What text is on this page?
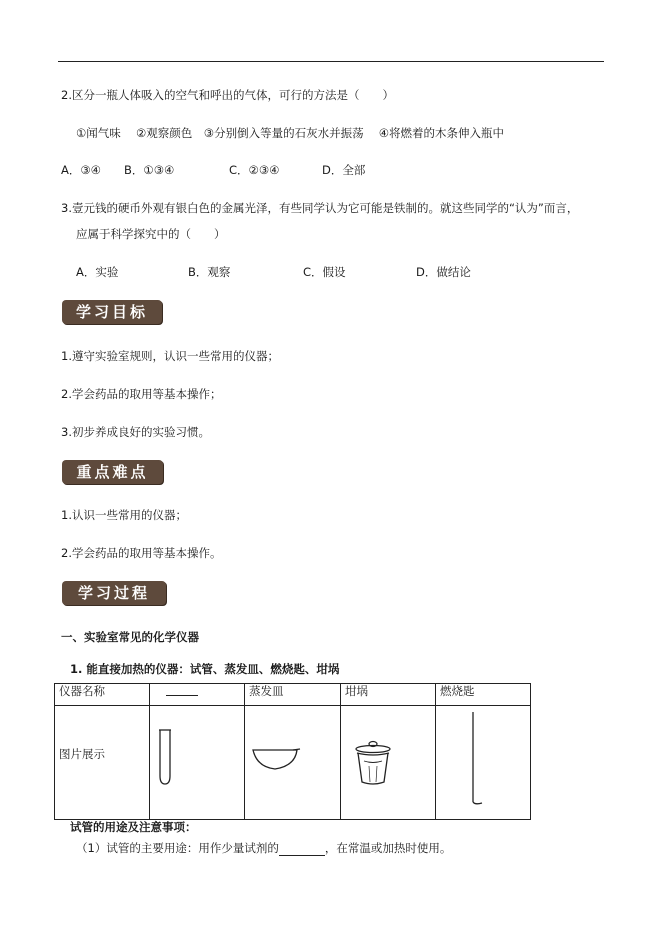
2.区分一瓶人体吸入的空气和呼出的气体，可行的方法是（　　）
①闻气味　 ②观察颜色　③分别倒入等量的石灰水并振荡　 ④将燃着的木条伸入瓶中
A．③④ B．①③④	C．②③④	D．全部
3.壹元钱的硬币外观有银白色的金属光泽，有些同学认为它可能是铁制的。就这些同学的“认为”而言，
应属于科学探究中的（　　）
A．实验	B．观察	C．假设	D．做结论
学习目标
1.遵守实验室规则，认识一些常用的仪器；
2.学会药品的取用等基本操作；
3.初步养成良好的实验习惯。
重点难点
1.认识一些常用的仪器；
2.学会药品的取用等基本操作。
学习过程
一、实验室常见的化学仪器
1. 能直接加热的仪器：试管、蒸发皿、燃烧匙、坩埚
仪器名称		蒸发皿	坩埚	燃烧匙

图片展示

试管的用途及注意事项：
（1）试管的主要用途：用作少量试剂的	，在常温或加热时使用。
